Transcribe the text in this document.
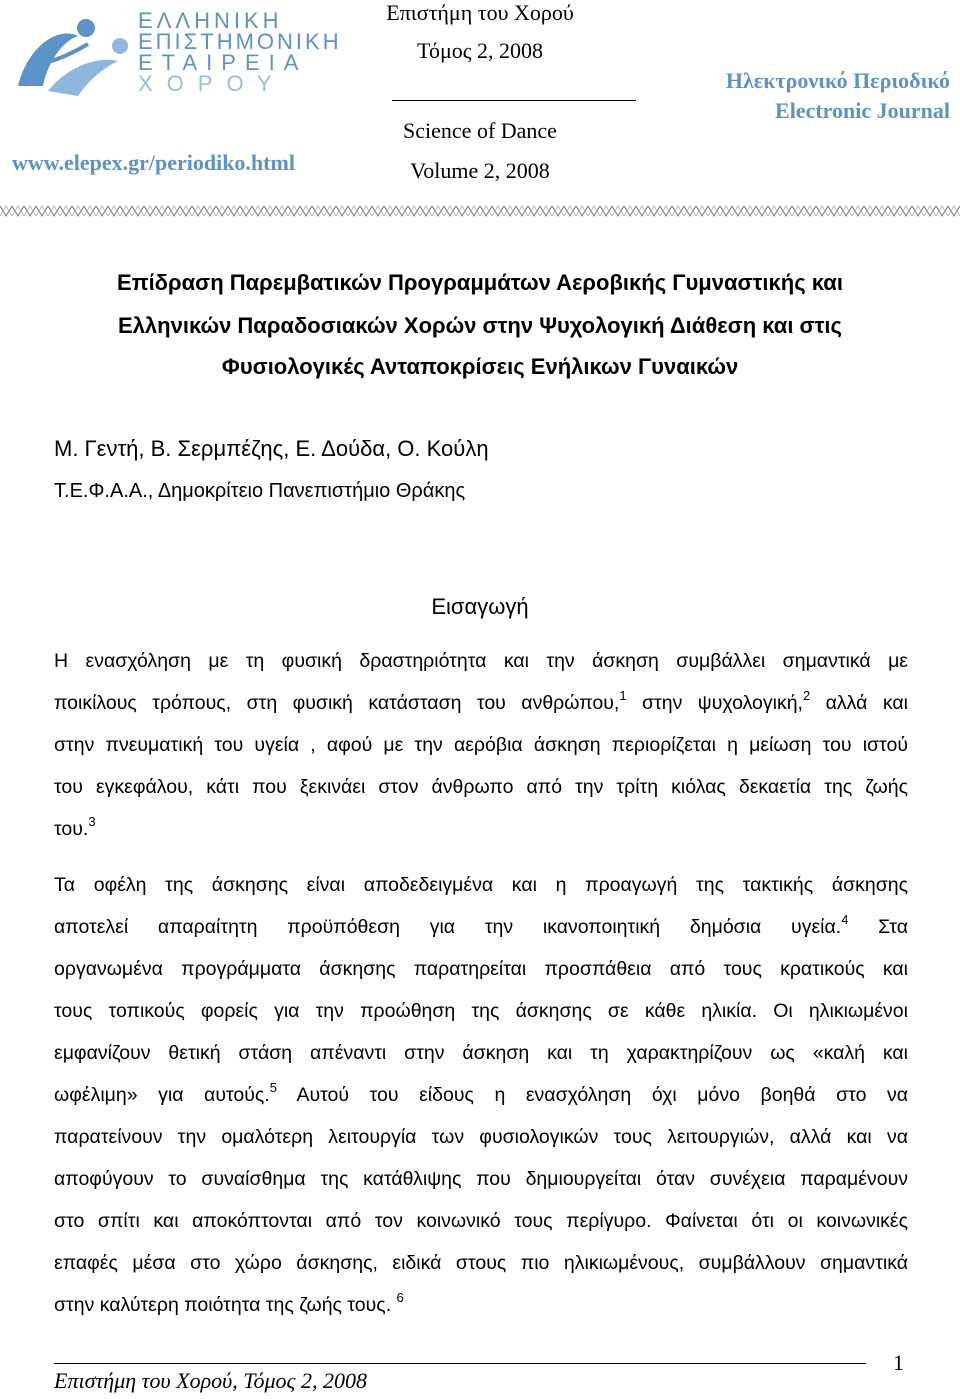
ΕΛΛΗΝΙΚΗ
ΕΠΙΣΤΗΜΟΝΙΚΗ
ΕΤΑΙΡΕΙΑ
ΧΟΡΟΥ
www.elepex.gr/periodiko.html
Επιστήμη του Χορού
Τόμος 2, 2008
Science of Dance
Volume 2, 2008
Ηλεκτρονικό Περιοδικό
Electronic Journal
Επίδραση Παρεμβατικών Προγραμμάτων Αεροβικής Γυμναστικής και
Ελληνικών Παραδοσιακών Χορών στην Ψυχολογική Διάθεση και στις
Φυσιολογικές Ανταποκρίσεις Ενήλικων Γυναικών
Μ. Γεντή, Β. Σερμπέζης, Ε. Δούδα, Ο. Κούλη
Τ.Ε.Φ.Α.Α., Δημοκρίτειο Πανεπιστήμιο Θράκης
Εισαγωγή
Η ενασχόληση με τη φυσική δραστηριότητα και την άσκηση συμβάλλει σημαντικά με
ποικίλους τρόπους, στη φυσική κατάσταση του ανθρώπου,$^1$ στην ψυχολογική,$^2$ αλλά και
στην πνευματική του υγεία , αφού με την αερόβια άσκηση περιορίζεται η μείωση του ιστού
του εγκεφάλου, κάτι που ξεκινάει στον άνθρωπο από την τρίτη κιόλας δεκαετία της ζωής
του.$^3$
Τα οφέλη της άσκησης είναι αποδεδειγμένα και η προαγωγή της τακτικής άσκησης
αποτελεί απαραίτητη προϋπόθεση για την ικανοποιητική δημόσια υγεία.$^4$ Στα
οργανωμένα προγράμματα άσκησης παρατηρείται προσπάθεια από τους κρατικούς και
τους τοπικούς φορείς για την προώθηση της άσκησης σε κάθε ηλικία. Οι ηλικιωμένοι
εμφανίζουν θετική στάση απέναντι στην άσκηση και τη χαρακτηρίζουν ως «καλή και
ωφέλιμη» για αυτούς.$^5$ Αυτού του είδους η ενασχόληση όχι μόνο βοηθά στο να
παρατείνουν την ομαλότερη λειτουργία των φυσιολογικών τους λειτουργιών, αλλά και να
αποφύγουν το συναίσθημα της κατάθλιψης που δημιουργείται όταν συνέχεια παραμένουν
στο σπίτι και αποκόπτονται από τον κοινωνικό τους περίγυρο. Φαίνεται ότι οι κοινωνικές
επαφές μέσα στο χώρο άσκησης, ειδικά στους πιο ηλικιωμένους, συμβάλλουν σημαντικά
στην καλύτερη ποιότητα της ζωής τους. $^6$
Επιστήμη του Χορού, Τόμος 2, 2008
1
